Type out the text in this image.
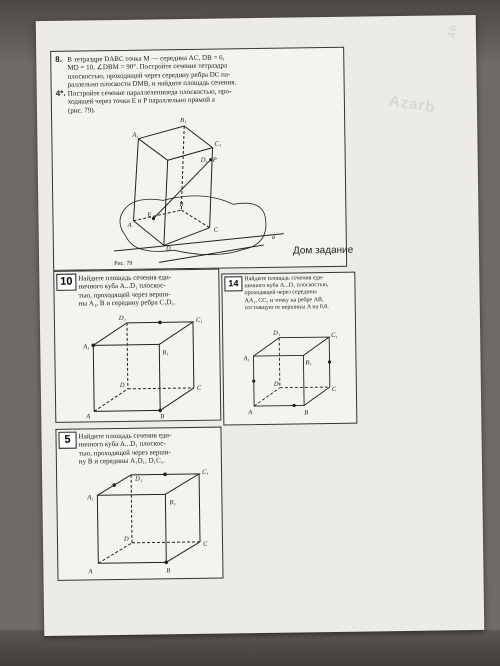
Azarb
46
8. В тетраэдре DABC точка M — середина AC, DB = 6,
MD = 10, ∠DBM = 90°. Постройте сечение тетраэдра
плоскостью, проходящей через середину ребра DC па-
раллельно плоскости DMB, и найдите площадь сечения.
4*. Постройте сечение параллелепипеда плоскостью, про-
ходящей через точки E и P параллельно прямой a
(рис. 79).
A₁
B₁
C₁
D₁ P
E
B
A
C
D
a
Рис. 79
Дом задание
10 Найдите площадь сечения еди-
ничного куба A...D₁ плоскос-
тью, проходящей через верши-
ны A₁, B и середину ребра C₁D₁.
A₁
D₁	C₁
B₁
D	C
A	B
14 Найдите площадь сечения еди-
ничного куба A...D₁ плоскостью,
проходящей через середины
AA₁, CC₁ и точку на ребре AB,
отстоящую от вершины A на 0,8.
A₁
D₁	C₁
B₁
D
C
A	B
5	Найдите площадь сечения еди-
ничного куба A...D₁ плоскос-
тью, проходящей через верши-
ну B и середины A₁D₁, D₁C₁.
A₁
D₁
C₁
B₁
D
C
A	B
